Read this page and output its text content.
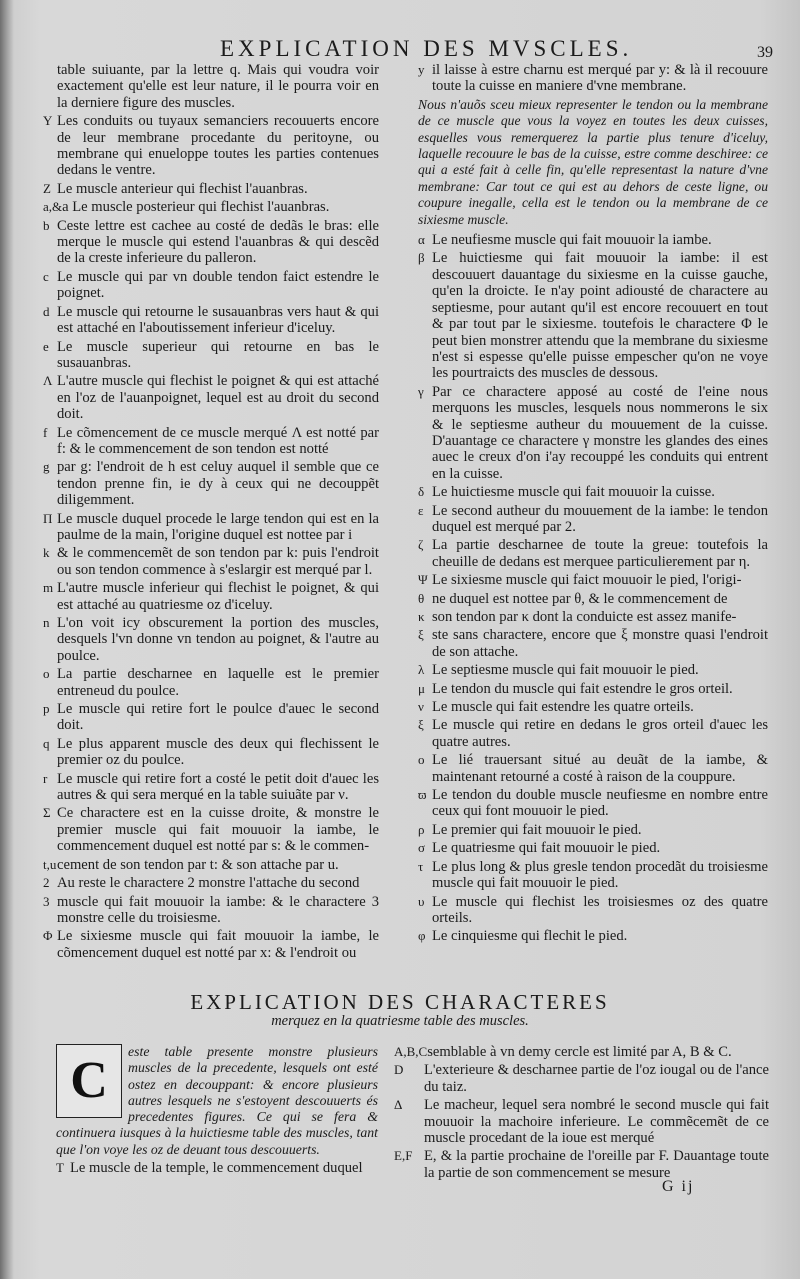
EXPLICATION DES MVSCLES.	39

table suiuante, par la lettre q. Mais qui voudra voir exactement qu'elle est leur nature, il le pourra voir en la derniere figure des muscles.

Y Les conduits ou tuyaux semanciers recouuerts encore de leur membrane procedante du peritoyne, ou membrane qui enueloppe toutes les parties contenues dedans le ventre.

Z Le muscle anterieur qui flechist l'auanbras.

a,&a Le muscle posterieur qui flechist l'auanbras.

b Ceste lettre est cachee au costé de dedãs le bras: elle merque le muscle qui estend l'auanbras & qui descẽd de la creste inferieure du palleron.

c Le muscle qui par vn double tendon faict estendre le poignet.

d Le muscle qui retourne le susauanbras vers haut & qui est attaché en l'aboutissement inferieur d'iceluy.

e Le muscle superieur qui retourne en bas le susauanbras.

Λ L'autre muscle qui flechist le poignet & qui est attaché en l'oz de l'auanpoignet, lequel est au droit du second doit.

f Le cõmencement de ce muscle merqué Λ est notté par f: & le commencement de son tendon est notté

g par g: l'endroit de h est celuy auquel il semble que ce tendon prenne fin, ie dy à ceux qui ne decouppẽt diligemment.

Π Le muscle duquel procede le large tendon qui est en la paulme de la main, l'origine duquel est nottee par i

k & le commencemẽt de son tendon par k: puis l'endroit ou son tendon commence à s'eslargir est merqué par l.

m L'autre muscle inferieur qui flechist le poignet, & qui est attaché au quatriesme oz d'iceluy.

n L'on voit icy obscurement la portion des muscles, desquels l'vn donne vn tendon au poignet, & l'autre au poulce.

o La partie descharnee en laquelle est le premier entreneud du poulce.

p Le muscle qui retire fort le poulce d'auec le second doit.

q Le plus apparent muscle des deux qui flechissent le premier oz du poulce.

r Le muscle qui retire fort a costé le petit doit d'auec les autres & qui sera merqué en la table suiuãte par ν.

Σ Ce charactere est en la cuisse droite, & monstre le premier muscle qui fait mouuoir la iambe, le commencement duquel est notté par s: & le commen-

t,ucement de son tendon par t: & son attache par u.

2 Au reste le charactere 2 monstre l'attache du second

3 muscle qui fait mouuoir la iambe: & le charactere 3 monstre celle du troisiesme.

Φ Le sixiesme muscle qui fait mouuoir la iambe, le cõmencement duquel est notté par x: & l'endroit ou

y il laisse à estre charnu est merqué par y: & là il recouure toute la cuisse en maniere d'vne membrane.

Nous n'auõs sceu mieux representer le tendon ou la membrane de ce muscle que vous la voyez en toutes les deux cuisses, esquelles vous remerquerez la partie plus tenure d'iceluy, laquelle recouure le bas de la cuisse, estre comme deschiree: ce qui a esté fait à celle fin, qu'elle representast la nature d'vne membrane: Car tout ce qui est au dehors de ceste ligne, ou coupure inegalle, cella est le tendon ou la membrane de ce sixiesme muscle.

α Le neufiesme muscle qui fait mouuoir la iambe.

β Le huictiesme qui fait mouuoir la iambe: il est descouuert dauantage du sixiesme en la cuisse gauche, qu'en la droicte. Ie n'ay point adiousté de charactere au septiesme, pour autant qu'il est encore recouuert en tout & par tout par le sixiesme. toutefois le charactere Φ le peut bien monstrer attendu que la membrane du sixiesme n'est si espesse qu'elle puisse empescher qu'on ne voye les pourtraicts des muscles de dessous.

γ Par ce charactere apposé au costé de l'eine nous merquons les muscles, lesquels nous nommerons le six & le septiesme autheur du mouuement de la cuisse. D'auantage ce charactere γ monstre les glandes des eines auec le creux d'on i'ay recouppé les conduits qui entrent en la cuisse.

δ Le huictiesme muscle qui fait mouuoir la cuisse.

ε Le second autheur du mouuement de la iambe: le tendon duquel est merqué par 2.

ζ La partie descharnee de toute la greue: toutefois la cheuille de dedans est merquee particulierement par η.

Ψ Le sixiesme muscle qui faict mouuoir le pied, l'origi-

θ ne duquel est nottee par θ, & le commencement de

κ son tendon par κ dont la conduicte est assez manife-

ξ ste sans charactere, encore que ξ monstre quasi l'endroit de son attache.

λ Le septiesme muscle qui fait mouuoir le pied.

μ Le tendon du muscle qui fait estendre le gros orteil.

ν Le muscle qui fait estendre les quatre orteils.

ξ Le muscle qui retire en dedans le gros orteil d'auec les quatre autres.

ο Le lié trauersant situé au deuãt de la iambe, & maintenant retourné a costé à raison de la couppure.

ϖ Le tendon du double muscle neufiesme en nombre entre ceux qui font mouuoir le pied.

ρ Le premier qui fait mouuoir le pied.

σ Le quatriesme qui fait mouuoir le pied.

τ Le plus long & plus gresle tendon procedãt du troisiesme muscle qui fait mouuoir le pied.

υ Le muscle qui flechist les troisiesmes oz des quatre orteils.

φ Le cinquiesme qui flechit le pied.

EXPLICATION DES CHARACTERES
merquez en la quatriesme table des muscles.
C

este table presente monstre plusieurs muscles de la precedente, lesquels ont esté ostez en decouppant: & encore plusieurs autres lesquels ne s'estoyent descouuerts és precedentes figures. Ce qui se fera & continuera iusques à la huictiesme table des muscles, tant que l'on voye les oz de deuant tous descouuerts.

T Le muscle de la temple, le commencement duquel

A,B,Csemblable à vn demy cercle est limité par A, B & C.

D L'exterieure & descharnee partie de l'oz iougal ou de l'ance du taiz.

Δ Le macheur, lequel sera nombré le second muscle qui fait mouuoir la machoire inferieure. Le commẽcemẽt de ce muscle procedant de la ioue est merqué

E,F E, & la partie prochaine de l'oreille par F. Dauantage toute la partie de son commencement se mesure

G ij
